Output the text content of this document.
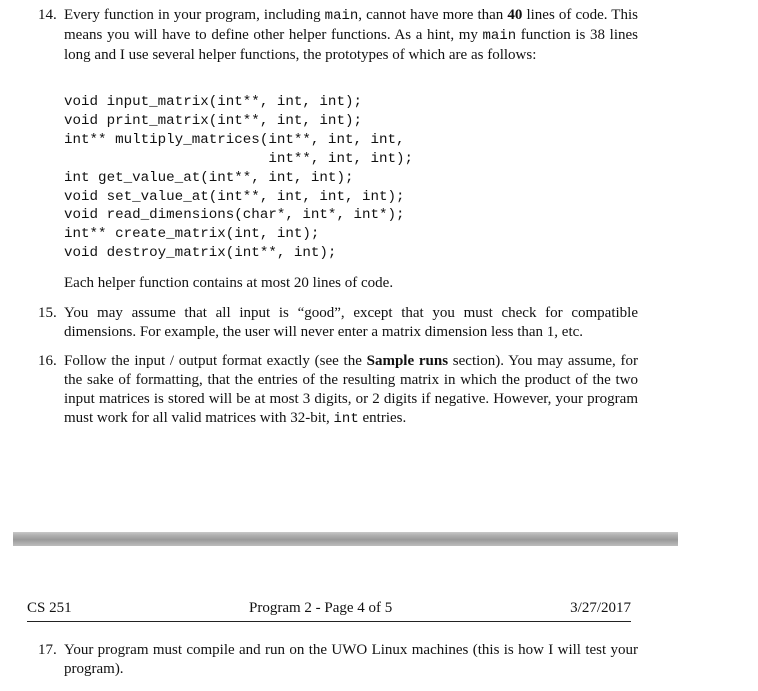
14. Every function in your program, including main, cannot have more than 40 lines of code. This means you will have to define other helper functions. As a hint, my main function is 38 lines long and I use several helper functions, the prototypes of which are as follows:
void input_matrix(int**, int, int);
void print_matrix(int**, int, int);
int** multiply_matrices(int**, int, int,
int**, int, int);
int get_value_at(int**, int, int);
void set_value_at(int**, int, int, int);
void read_dimensions(char*, int*, int*);
int** create_matrix(int, int);
void destroy_matrix(int**, int);
Each helper function contains at most 20 lines of code.
15. You may assume that all input is “good”, except that you must check for compatible dimensions. For example, the user will never enter a matrix dimension less than 1, etc.
16. Follow the input / output format exactly (see the Sample runs section). You may assume, for the sake of formatting, that the entries of the resulting matrix in which the product of the two input matrices is stored will be at most 3 digits, or 2 digits if negative. However, your program must work for all valid matrices with 32-bit, int entries.
CS 251	Program 2 - Page 4 of 5	3/27/2017
17. Your program must compile and run on the UWO Linux machines (this is how I will test your program).
